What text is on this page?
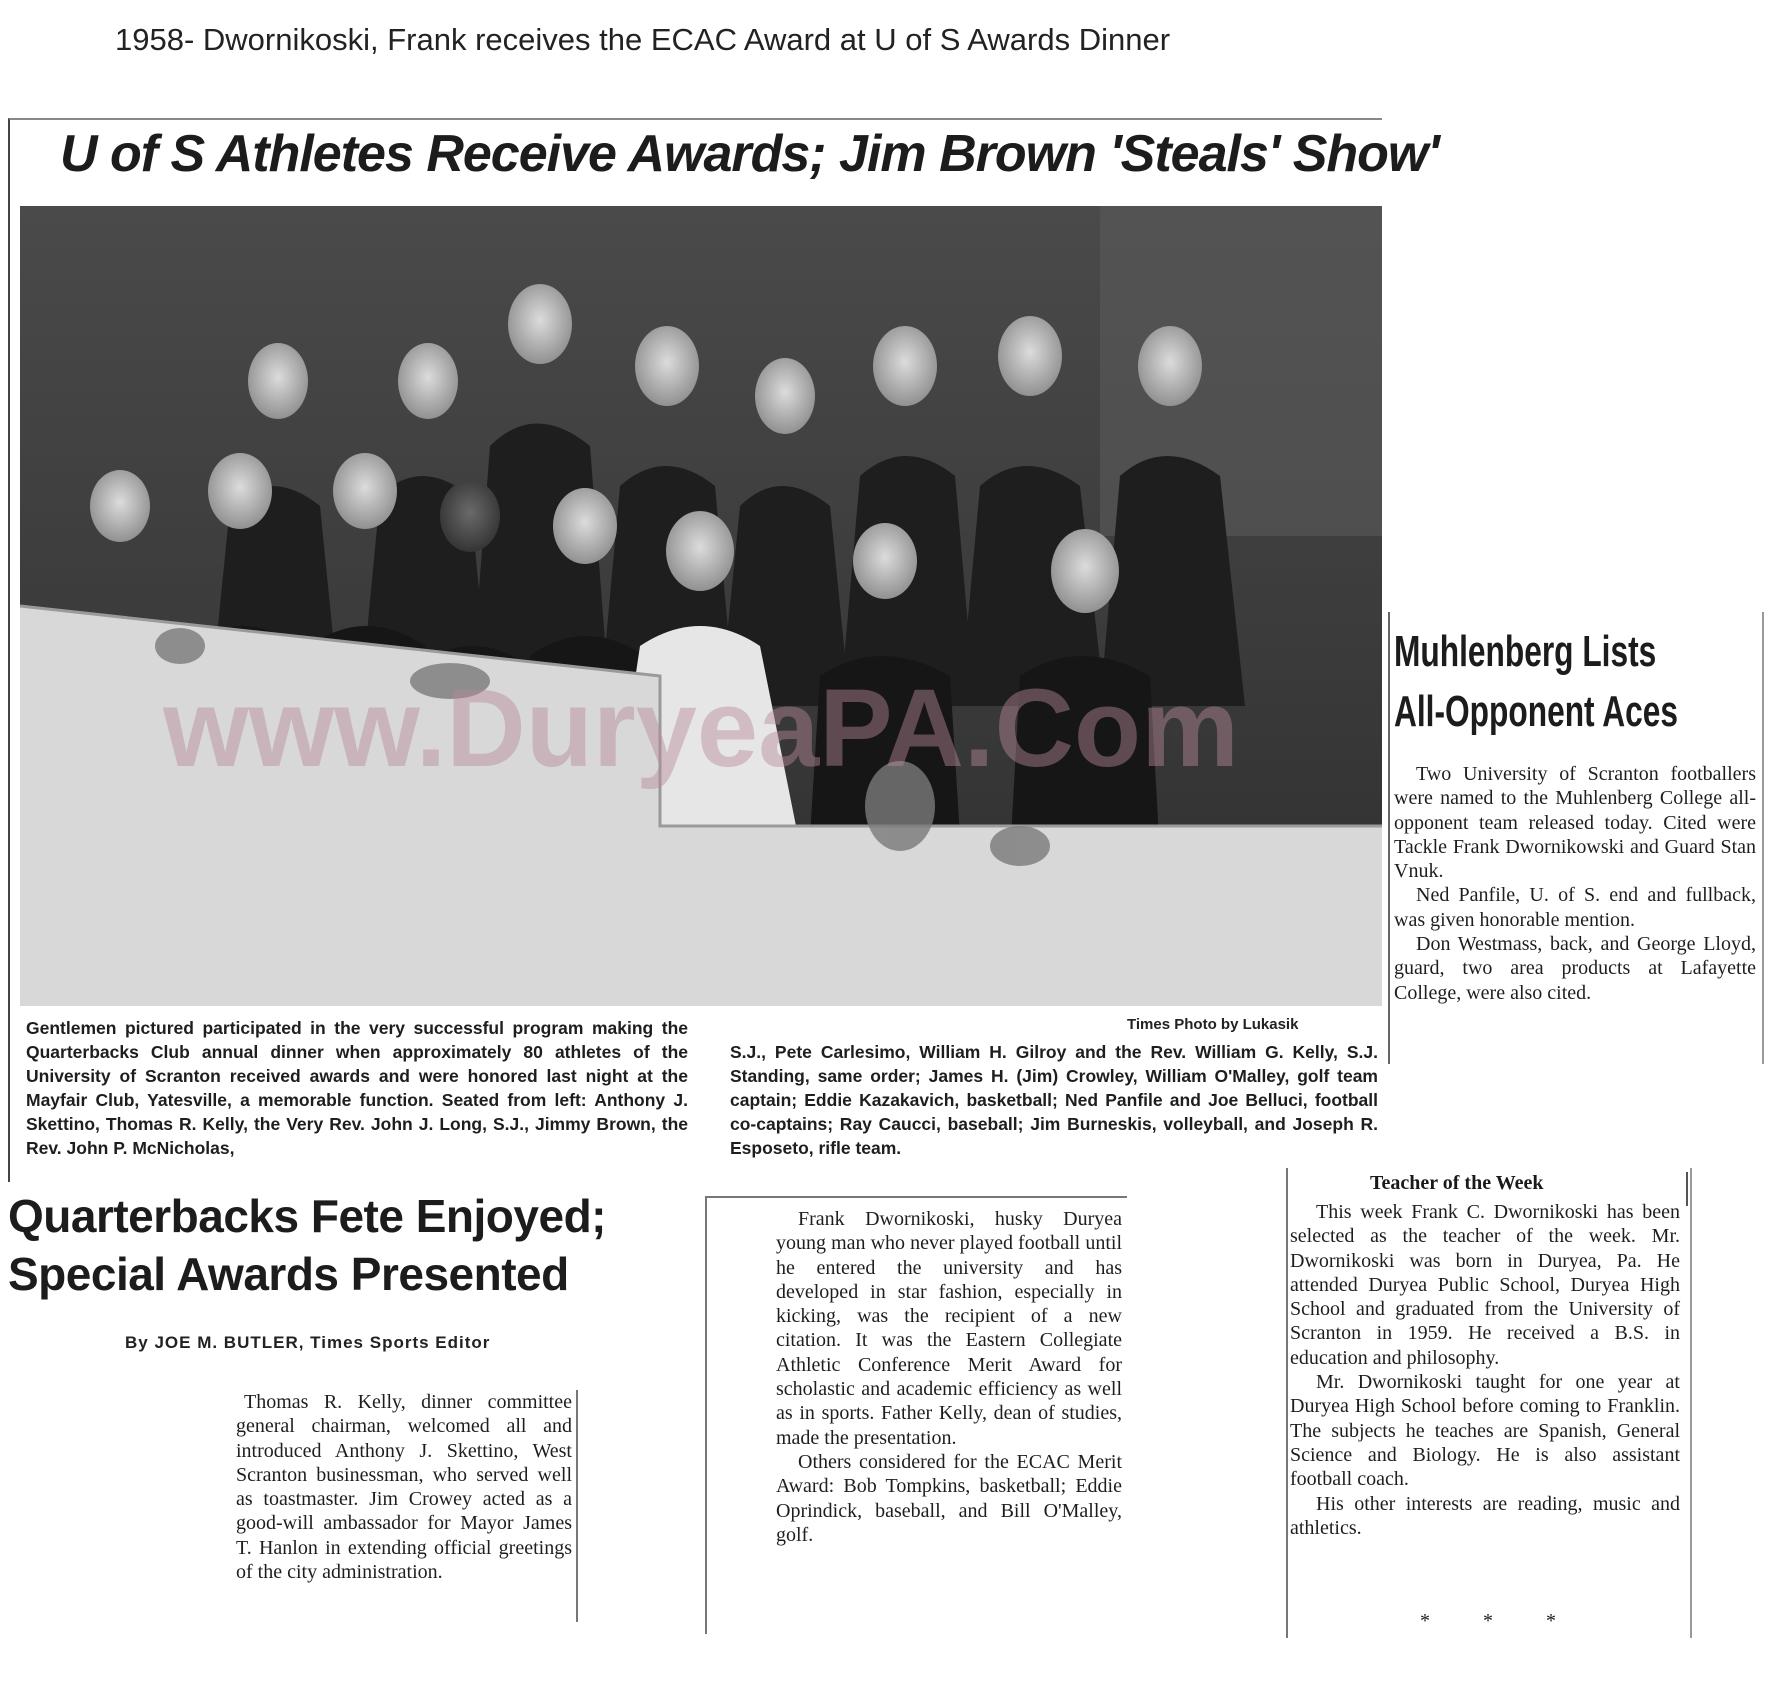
1958- Dwornikoski, Frank receives the ECAC Award at U of S Awards Dinner
U of S Athletes Receive Awards; Jim Brown 'Steals' Show'
www.DuryeaPA.Com
Times Photo by Lukasik
Gentlemen pictured participated in the very successful program making the Quarterbacks Club annual dinner when approximately 80 athletes of the University of Scranton received awards and were honored last night at the Mayfair Club, Yatesville, a memorable function. Seated from left: Anthony J. Skettino, Thomas R. Kelly, the Very Rev. John J. Long, S.J., Jimmy Brown, the Rev. John P. McNicholas,
S.J., Pete Carlesimo, William H. Gilroy and the Rev. William G. Kelly, S.J. Standing, same order; James H. (Jim) Crowley, William O'Malley, golf team captain; Eddie Kazakavich, basketball; Ned Panfile and Joe Belluci, football co-captains; Ray Caucci, baseball; Jim Burneskis, volleyball, and Joseph R. Esposeto, rifle team.
Quarterbacks Fete Enjoyed;
Special Awards Presented
By JOE M. BUTLER, Times Sports Editor

Thomas R. Kelly, dinner committee general chairman, welcomed all and introduced Anthony J. Skettino, West Scranton businessman, who served well as toastmaster. Jim Crowey acted as a good-will ambassador for Mayor James T. Hanlon in extending official greetings of the city administration.

Frank Dwornikoski, husky Duryea young man who never played football until he entered the university and has developed in star fashion, especially in kicking, was the recipient of a new citation. It was the Eastern Collegiate Athletic Conference Merit Award for scholastic and academic efficiency as well as in sports. Father Kelly, dean of studies, made the presentation.

Others considered for the ECAC Merit Award: Bob Tompkins, basketball; Eddie Oprindick, baseball, and Bill O'Malley, golf.

Teacher of the Week

This week Frank C. Dwornikoski has been selected as the teacher of the week. Mr. Dwornikoski was born in Duryea, Pa. He attended Duryea Public School, Duryea High School and graduated from the University of Scranton in 1959. He received a B.S. in education and philosophy.

Mr. Dwornikoski taught for one year at Duryea High School before coming to Franklin. The subjects he teaches are Spanish, General Science and Biology. He is also assistant football coach.

His other interests are reading, music and athletics.

* * *
Muhlenberg Lists
All-Opponent Aces

Two University of Scranton footballers were named to the Muhlenberg College all-opponent team released today. Cited were Tackle Frank Dwornikowski and Guard Stan Vnuk.

Ned Panfile, U. of S. end and fullback, was given honorable mention.

Don Westmass, back, and George Lloyd, guard, two area products at Lafayette College, were also cited.
